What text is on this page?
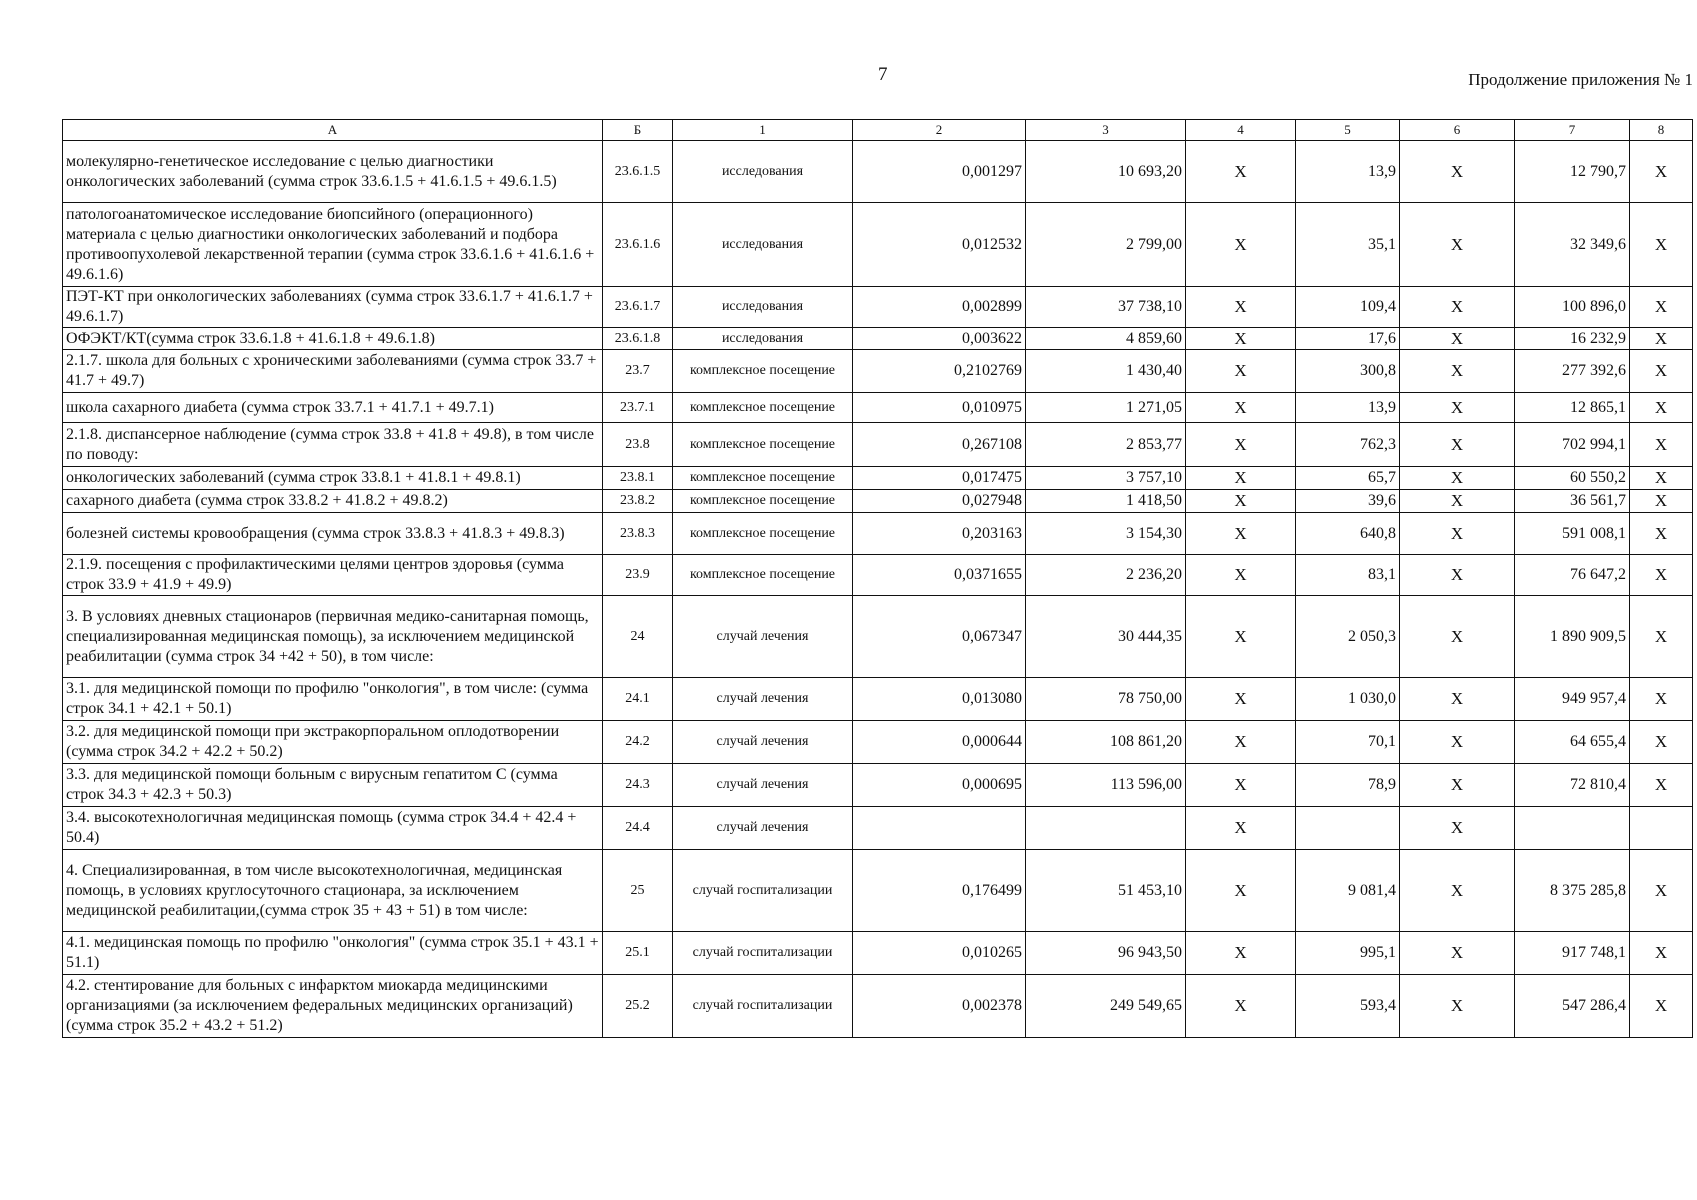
7	Продолжение приложения № 1
А	Б	1	2	3	4	5	6	7	8
молекулярно-генетическое исследование с целью диагностики онкологических заболеваний (сумма строк 33.6.1.5 + 41.6.1.5 + 49.6.1.5)	23.6.1.5	исследования	0,001297	10 693,20	Х	13,9	Х	12 790,7	Х
патологоанатомическое исследование биопсийного (операционного) материала с целью диагностики онкологических заболеваний и подбора противоопухолевой лекарственной терапии (сумма строк 33.6.1.6 + 41.6.1.6 + 49.6.1.6)	23.6.1.6	исследования	0,012532	2 799,00	Х	35,1	Х	32 349,6	Х
ПЭТ-КТ при онкологических заболеваниях (сумма строк 33.6.1.7 + 41.6.1.7 + 49.6.1.7)	23.6.1.7	исследования	0,002899	37 738,10	Х	109,4	Х	100 896,0	Х
ОФЭКТ/КТ(сумма строк 33.6.1.8 + 41.6.1.8 + 49.6.1.8)	23.6.1.8	исследования	0,003622	4 859,60	Х	17,6	Х	16 232,9	Х
2.1.7. школа для больных с хроническими заболеваниями (сумма строк 33.7 + 41.7 + 49.7)	23.7	комплексное посещение	0,2102769	1 430,40	Х	300,8	Х	277 392,6	Х
школа сахарного диабета (сумма строк 33.7.1 + 41.7.1 + 49.7.1)	23.7.1	комплексное посещение	0,010975	1 271,05	Х	13,9	Х	12 865,1	Х
2.1.8. диспансерное наблюдение (сумма строк 33.8 + 41.8 + 49.8), в том числе по поводу:	23.8	комплексное посещение	0,267108	2 853,77	Х	762,3	Х	702 994,1	Х
онкологических заболеваний (сумма строк 33.8.1 + 41.8.1 + 49.8.1)	23.8.1	комплексное посещение	0,017475	3 757,10	Х	65,7	Х	60 550,2	Х
сахарного диабета (сумма строк 33.8.2 + 41.8.2 + 49.8.2)	23.8.2	комплексное посещение	0,027948	1 418,50	Х	39,6	Х	36 561,7	Х
болезней системы кровообращения (сумма строк 33.8.3 + 41.8.3 + 49.8.3)	23.8.3	комплексное посещение	0,203163	3 154,30	Х	640,8	Х	591 008,1	Х
2.1.9. посещения с профилактическими целями центров здоровья (сумма строк 33.9 + 41.9 + 49.9)	23.9	комплексное посещение	0,0371655	2 236,20	Х	83,1	Х	76 647,2	Х
3. В условиях дневных стационаров (первичная медико-санитарная помощь, специализированная медицинская помощь), за исключением медицинской реабилитации (сумма строк 34 +42 + 50), в том числе:	24	случай лечения	0,067347	30 444,35	Х	2 050,3	Х	1 890 909,5	Х
3.1. для медицинской помощи по профилю "онкология", в том числе: (сумма строк 34.1 + 42.1 + 50.1)	24.1	случай лечения	0,013080	78 750,00	Х	1 030,0	Х	949 957,4	Х
3.2. для медицинской помощи при экстракорпоральном оплодотворении (сумма строк 34.2 + 42.2 + 50.2)	24.2	случай лечения	0,000644	108 861,20	Х	70,1	Х	64 655,4	Х
3.3. для медицинской помощи больным с вирусным гепатитом С (сумма строк 34.3 + 42.3 + 50.3)	24.3	случай лечения	0,000695	113 596,00	Х	78,9	Х	72 810,4	Х
3.4. высокотехнологичная медицинская помощь (сумма строк 34.4 + 42.4 + 50.4)	24.4	случай лечения			Х		Х		
4. Специализированная, в том числе высокотехнологичная, медицинская помощь, в условиях круглосуточного стационара, за исключением медицинской реабилитации,(сумма строк 35 + 43 + 51) в том числе:	25	случай госпитализации	0,176499	51 453,10	Х	9 081,4	Х	8 375 285,8	Х
4.1. медицинская помощь по профилю "онкология" (сумма строк 35.1 + 43.1 + 51.1)	25.1	случай госпитализации	0,010265	96 943,50	Х	995,1	Х	917 748,1	Х
4.2. стентирование для больных с инфарктом миокарда медицинскими организациями (за исключением федеральных медицинских организаций) (сумма строк 35.2 + 43.2 + 51.2)	25.2	случай госпитализации	0,002378	249 549,65	Х	593,4	Х	547 286,4	Х
